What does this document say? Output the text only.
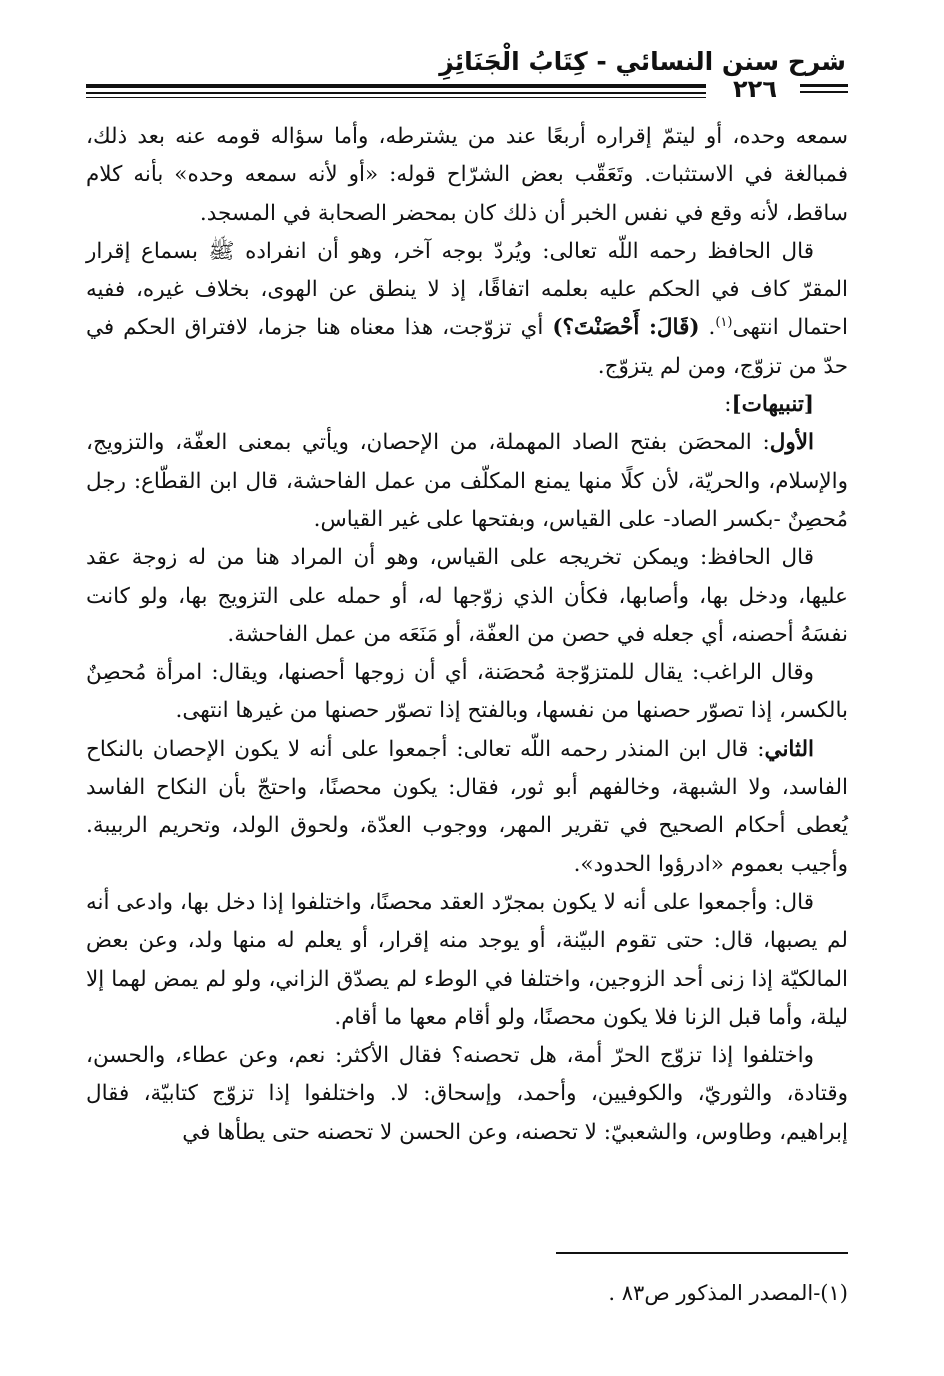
شرح سنن النسائي - كِتَابُ الْجَنَائِزِ
٢٢٦

سمعه وحده، أو ليتمّ إقراره أربعًا عند من يشترطه، وأما سؤاله قومه عنه بعد ذلك، فمبالغة في الاستثبات. وتَعَقّب بعض الشرّاح قوله: «أو لأنه سمعه وحده» بأنه كلام ساقط، لأنه وقع في نفس الخبر أن ذلك كان بمحضر الصحابة في المسجد.

قال الحافظ رحمه اللّه تعالى: ويُردّ بوجه آخر، وهو أن انفراده ﷺ بسماع إقرار المقرّ كاف في الحكم عليه بعلمه اتفاقًا، إذ لا ينطق عن الهوى، بخلاف غيره، ففيه احتمال انتهى$^{(١)}$. (قَالَ: أَحْصَنْتَ؟) أي تزوّجت، هذا معناه هنا جزما، لافتراق الحكم في حدّ من تزوّج، ومن لم يتزوّج.

[تنبيهات]:

الأول: المحصَن بفتح الصاد المهملة، من الإحصان، ويأتي بمعنى العفّة، والتزويج، والإسلام، والحريّة، لأن كلًا منها يمنع المكلّف من عمل الفاحشة، قال ابن القطّاع: رجل مُحصِنٌ -بكسر الصاد- على القياس، وبفتحها على غير القياس.

قال الحافظ: ويمكن تخريجه على القياس، وهو أن المراد هنا من له زوجة عقد عليها، ودخل بها، وأصابها، فكأن الذي زوّجها له، أو حمله على التزويج بها، ولو كانت نفسَهُ أحصنه، أي جعله في حصن من العفّة، أو مَنَعَه من عمل الفاحشة.

وقال الراغب: يقال للمتزوّجة مُحصَنة، أي أن زوجها أحصنها، ويقال: امرأة مُحصِنٌ بالكسر، إذا تصوّر حصنها من نفسها، وبالفتح إذا تصوّر حصنها من غيرها انتهى.

الثاني: قال ابن المنذر رحمه اللّه تعالى: أجمعوا على أنه لا يكون الإحصان بالنكاح الفاسد، ولا الشبهة، وخالفهم أبو ثور، فقال: يكون محصنًا، واحتجّ بأن النكاح الفاسد يُعطى أحكام الصحيح في تقرير المهر، ووجوب العدّة، ولحوق الولد، وتحريم الربيبة. وأجيب بعموم «ادرؤوا الحدود».

قال: وأجمعوا على أنه لا يكون بمجرّد العقد محصنًا، واختلفوا إذا دخل بها، وادعى أنه لم يصبها، قال: حتى تقوم البيّنة، أو يوجد منه إقرار، أو يعلم له منها ولد، وعن بعض المالكيّة إذا زنى أحد الزوجين، واختلفا في الوطء لم يصدّق الزاني، ولو لم يمض لهما إلا ليلة، وأما قبل الزنا فلا يكون محصنًا، ولو أقام معها ما أقام.

واختلفوا إذا تزوّج الحرّ أمة، هل تحصنه؟ فقال الأكثر: نعم، وعن عطاء، والحسن، وقتادة، والثوريّ، والكوفيين، وأحمد، وإسحاق: لا. واختلفوا إذا تزوّج كتابيّة، فقال إبراهيم، وطاوس، والشعبيّ: لا تحصنه، وعن الحسن لا تحصنه حتى يطأها في

(١)-المصدر المذكور ص٨٣ .
